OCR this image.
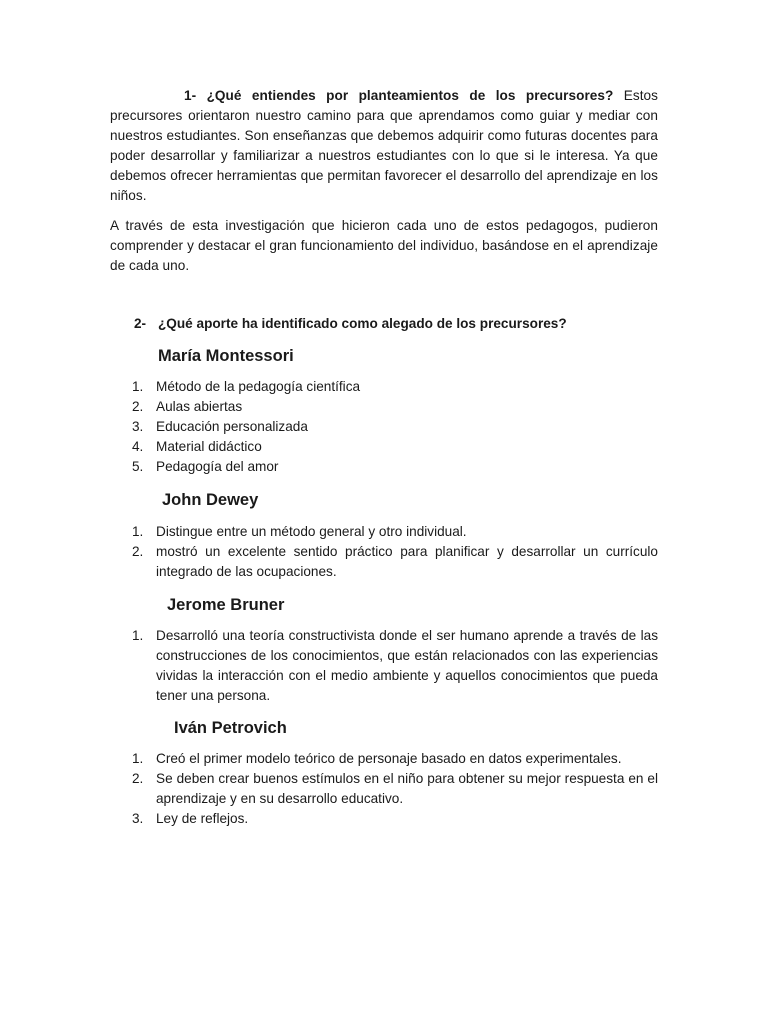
1- ¿Qué entiendes por planteamientos de los precursores? Estos precursores orientaron nuestro camino para que aprendamos como guiar y mediar con nuestros estudiantes. Son enseñanzas que debemos adquirir como futuras docentes para poder desarrollar y familiarizar a nuestros estudiantes con lo que si le interesa. Ya que debemos ofrecer herramientas que permitan favorecer el desarrollo del aprendizaje en los niños.

A través de esta investigación que hicieron cada uno de estos pedagogos, pudieron comprender y destacar el gran funcionamiento del individuo, basándose en el aprendizaje de cada uno.

2- ¿Qué aporte ha identificado como alegado de los precursores?

María Montessori
1. Método de la pedagogía científica
2. Aulas abiertas
3. Educación personalizada
4. Material didáctico
5. Pedagogía del amor
John Dewey
1. Distingue entre un método general y otro individual.
2. mostró un excelente sentido práctico para planificar y desarrollar un currículo integrado de las ocupaciones.
Jerome Bruner
1. Desarrolló una teoría constructivista donde el ser humano aprende a través de las construcciones de los conocimientos, que están relacionados con las experiencias vividas la interacción con el medio ambiente y aquellos conocimientos que pueda tener una persona.
Iván Petrovich
1. Creó el primer modelo teórico de personaje basado en datos experimentales.
2. Se deben crear buenos estímulos en el niño para obtener su mejor respuesta en el aprendizaje y en su desarrollo educativo.
3. Ley de reflejos.
